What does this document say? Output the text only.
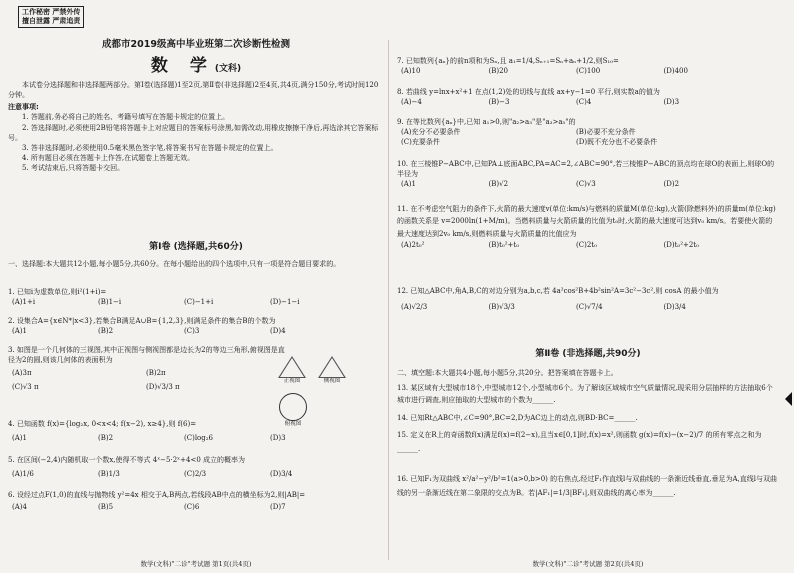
工作秘密 严禁外传
擅自泄露 严肃追责
成都市2019级高中毕业班第二次诊断性检测
数 学(文科)

本试卷分选择题和非选择题两部分。第Ⅰ卷(选择题)1至2页,第Ⅱ卷(非选择题)2至4页,共4页,满分150分,考试时间120分钟。

注意事项:

1. 答题前,务必将自己的姓名、考籍号填写在答题卡规定的位置上。

2. 答选择题时,必须使用2B铅笔将答题卡上对应题目的答案标号涂黑,如需改动,用橡皮擦擦干净后,再选涂其它答案标号。

3. 答非选择题时,必须使用0.5毫米黑色签字笔,将答案书写在答题卡规定的位置上。

4. 所有题目必须在答题卡上作答,在试题卷上答题无效。

5. 考试结束后,只将答题卡交回。

第Ⅰ卷 (选择题,共60分)

一、选择题:本大题共12小题,每小题5分,共60分。在每小题给出的四个选项中,只有一项是符合题目要求的。

1. 已知i为虚数单位,则i²(1+i)=

(A)1+i	(B)1−i	(C)−1+i	(D)−1−i

2. 设集合A={x∈N*|x<3},若集合B满足A∪B={1,2,3},则满足条件的集合B的个数为

(A)1	(B)2	(C)3	(D)4

3. 如图是一个几何体的三视图,其中正视图与侧视图都是边长为2的等边三角形,俯视图是直径为2的圆,则该几何体的表面积为

(A)3π	(B)2π
(C)√3 π	(D)√3/3 π
正视图	侧视图
俯视图

4. 已知函数 f(x)={log₂x, 0<x<4; f(x−2), x≥4},则 f(6)=

(A)1	(B)2	(C)log₂6	(D)3

5. 在区间(−2,4)内随机取一个数x,使得不等式 4ˣ−5·2ˣ+4<0 成立的概率为

(A)1/6	(B)1/3	(C)2/3	(D)3/4

6. 设经过点F(1,0)的直线与抛物线 y²=4x 相交于A,B两点,若线段AB中点的横坐标为2,则|AB|=

(A)4	(B)5	(C)6	(D)7
数学(文科)"二诊"考试题 第1页(共4页)

7. 已知数列{aₙ}的前n项和为Sₙ,且 a₁=1/4,Sₙ₊₁=Sₙ+aₙ+1/2,则S₁₀=

(A)10	(B)20	(C)100	(D)400

8. 若曲线 y=lnx+x²+1 在点(1,2)处的切线与直线 ax+y−1=0 平行,则实数a的值为

(A)−4	(B)−3	(C)4	(D)3

9. 在等比数列{aₙ}中,已知 a₁>0,则"a₂>a₃"是"a₃>a₅"的

(A)充分不必要条件	(B)必要不充分条件
(C)充要条件	(D)既不充分也不必要条件

10. 在三棱锥P−ABC中,已知PA⊥底面ABC,PA=AC=2,∠ABC=90°,若三棱锥P−ABC的顶点均在球O的表面上,则球O的半径为

(A)1	(B)√2	(C)√3	(D)2

11. 在不考虑空气阻力的条件下,火箭的最大速度v(单位:km/s)与燃料的质量M(单位:kg),火箭(除燃料外)的质量m(单位:kg)的函数关系是 v=2000ln(1+M/m)。当燃料质量与火箭质量的比值为t₀时,火箭的最大速度可达到v₀ km/s。若要使火箭的最大速度达到2v₀ km/s,则燃料质量与火箭质量的比值应为

(A)2t₀²	(B)t₀²+t₀	(C)2t₀	(D)t₀²+2t₀

12. 已知△ABC中,角A,B,C的对边分别为a,b,c,若 4a²cos²B+4b²sin²A=3c²−3c²,则 cosA 的最小值为

(A)√2/3	(B)√3/3	(C)√7/4	(D)3/4
第Ⅱ卷 (非选择题,共90分)

二、填空题:本大题共4小题,每小题5分,共20分。把答案填在答题卡上。

13. 某区域有大型城市18个,中型城市12个,小型城市6个。为了解该区域城市空气质量情况,现采用分层抽样的方法抽取6个城市进行调查,则应抽取的大型城市的个数为______.

14. 已知Rt△ABC中,∠C=90°,BC=2,D为AC边上的动点,则BD·BC=______.

15. 定义在R上的奇函数f(x)满足f(x)=f(2−x),且当x∈[0,1]时,f(x)=x²,则函数 g(x)=f(x)−(x−2)/7 的所有零点之和为______.

16. 已知F₁为双曲线 x²/a²−y²/b²=1(a>0,b>0) 的右焦点,经过F₁作直线l与双曲线的一条渐近线垂直,垂足为A,直线l与双曲线的另一条渐近线在第二象限的交点为B。若|AF₁|=1/3|BF₁|,则双曲线的离心率为______.

数学(文科)"二诊"考试题 第2页(共4页)
